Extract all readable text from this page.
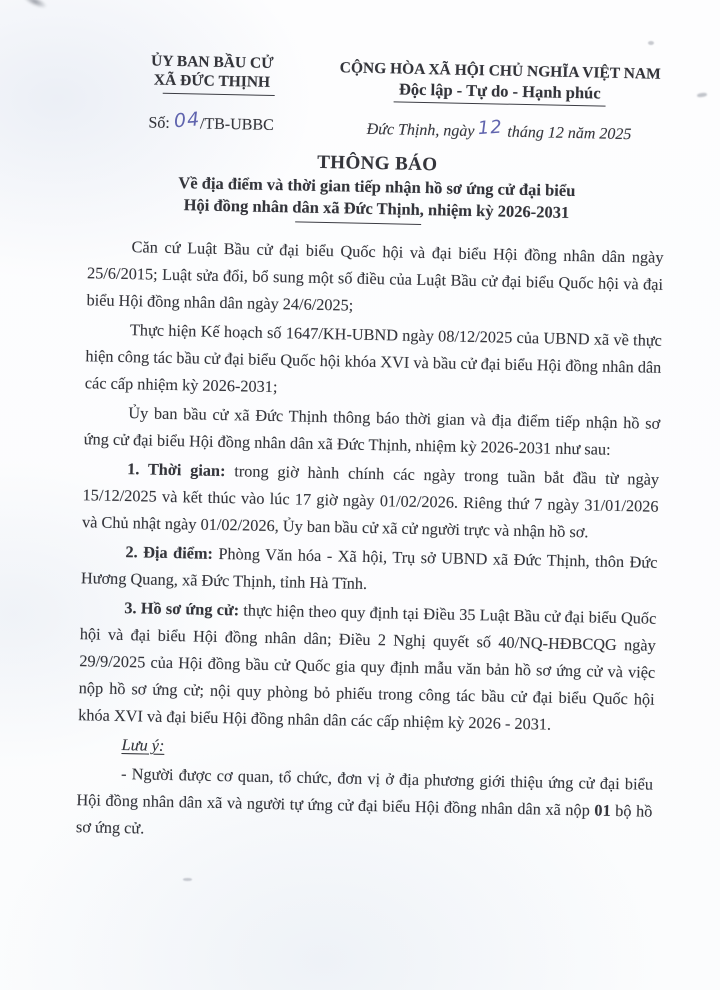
ỦY BAN BẦU CỬ
XÃ ĐỨC THỊNH
Số: 04/TB-UBBC
CỘNG HÒA XÃ HỘI CHỦ NGHĨA VIỆT NAM
Độc lập - Tự do - Hạnh phúc
Đức Thịnh, ngày 12 tháng 12 năm 2025
THÔNG BÁO
Về địa điểm và thời gian tiếp nhận hồ sơ ứng cử đại biểu
Hội đồng nhân dân xã Đức Thịnh, nhiệm kỳ 2026-2031

Căn cứ Luật Bầu cử đại biểu Quốc hội và đại biểu Hội đồng nhân dân ngày 25/6/2015; Luật sửa đổi, bổ sung một số điều của Luật Bầu cử đại biểu Quốc hội và đại biểu Hội đồng nhân dân ngày 24/6/2025;

Thực hiện Kế hoạch số 1647/KH-UBND ngày 08/12/2025 của UBND xã về thực hiện công tác bầu cử đại biểu Quốc hội khóa XVI và bầu cử đại biểu Hội đồng nhân dân các cấp nhiệm kỳ 2026-2031;

Ủy ban bầu cử xã Đức Thịnh thông báo thời gian và địa điểm tiếp nhận hồ sơ ứng cử đại biểu Hội đồng nhân dân xã Đức Thịnh, nhiệm kỳ 2026-2031 như sau:

1. Thời gian: trong giờ hành chính các ngày trong tuần bắt đầu từ ngày 15/12/2025 và kết thúc vào lúc 17 giờ ngày 01/02/2026. Riêng thứ 7 ngày 31/01/2026 và Chủ nhật ngày 01/02/2026, Ủy ban bầu cử xã cử người trực và nhận hồ sơ.

2. Địa điểm: Phòng Văn hóa - Xã hội, Trụ sở UBND xã Đức Thịnh, thôn Đức Hương Quang, xã Đức Thịnh, tỉnh Hà Tĩnh.

3. Hồ sơ ứng cử: thực hiện theo quy định tại Điều 35 Luật Bầu cử đại biểu Quốc hội và đại biểu Hội đồng nhân dân; Điều 2 Nghị quyết số 40/NQ-HĐBCQG ngày 29/9/2025 của Hội đồng bầu cử Quốc gia quy định mẫu văn bản hồ sơ ứng cử và việc nộp hồ sơ ứng cử; nội quy phòng bỏ phiếu trong công tác bầu cử đại biểu Quốc hội khóa XVI và đại biểu Hội đồng nhân dân các cấp nhiệm kỳ 2026 - 2031.

Lưu ý:

- Người được cơ quan, tổ chức, đơn vị ở địa phương giới thiệu ứng cử đại biểu Hội đồng nhân dân xã và người tự ứng cử đại biểu Hội đồng nhân dân xã nộp 01 bộ hồ sơ ứng cử.
